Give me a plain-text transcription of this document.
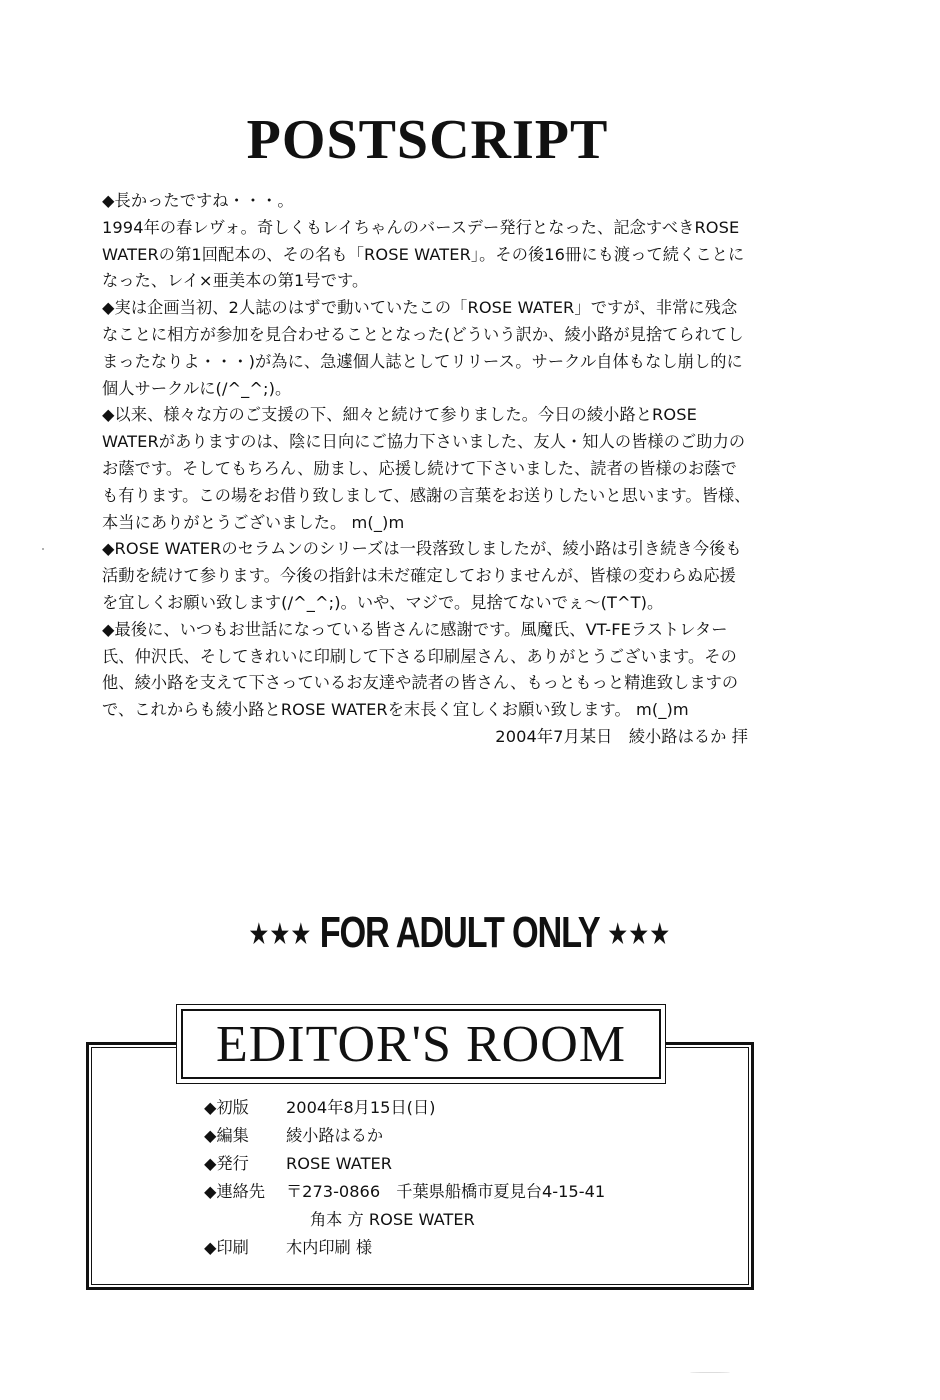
POSTSCRIPT

◆長かったですね・・・。

1994年の春レヴォ。奇しくもレイちゃんのバースデー発行となった、記念すべきROSE WATERの第1回配本の、その名も「ROSE WATER」。その後16冊にも渡って続くことになった、レイ×亜美本の第1号です。

◆実は企画当初、2人誌のはずで動いていたこの「ROSE WATER」ですが、非常に残念なことに相方が参加を見合わせることとなった(どういう訳か、綾小路が見捨てられてしまったなりよ・・・)が為に、急遽個人誌としてリリース。サークル自体もなし崩し的に個人サークルに(/^_^;)。

◆以来、様々な方のご支援の下、細々と続けて参りました。今日の綾小路とROSE WATERがありますのは、陰に日向にご協力下さいました、友人・知人の皆様のご助力のお蔭です。そしてもちろん、励まし、応援し続けて下さいました、読者の皆様のお蔭でも有ります。この場をお借り致しまして、感謝の言葉をお送りしたいと思います。皆様、本当にありがとうございました。 m(_)m

◆ROSE WATERのセラムンのシリーズは一段落致しましたが、綾小路は引き続き今後も活動を続けて参ります。今後の指針は未だ確定しておりませんが、皆様の変わらぬ応援を宜しくお願い致します(/^_^;)。いや、マジで。見捨てないでぇ～(T^T)。

◆最後に、いつもお世話になっている皆さんに感謝です。風魔氏、VT-FEラストレター氏、仲沢氏、そしてきれいに印刷して下さる印刷屋さん、ありがとうございます。その他、綾小路を支えて下さっているお友達や読者の皆さん、もっともっと精進致しますので、これからも綾小路とROSE WATERを末長く宜しくお願い致します。 m(_)m

2004年7月某日　綾小路はるか 拝

★★★ FOR ADULT ONLY ★★★
EDITOR'S ROOM
◆初版	2004年8月15日(日)
◆編集	綾小路はるか
◆発行	ROSE WATER
◆連絡先	〒273-0866　千葉県船橋市夏見台4-15-41
角本 方 ROSE WATER
◆印刷	木内印刷 様
